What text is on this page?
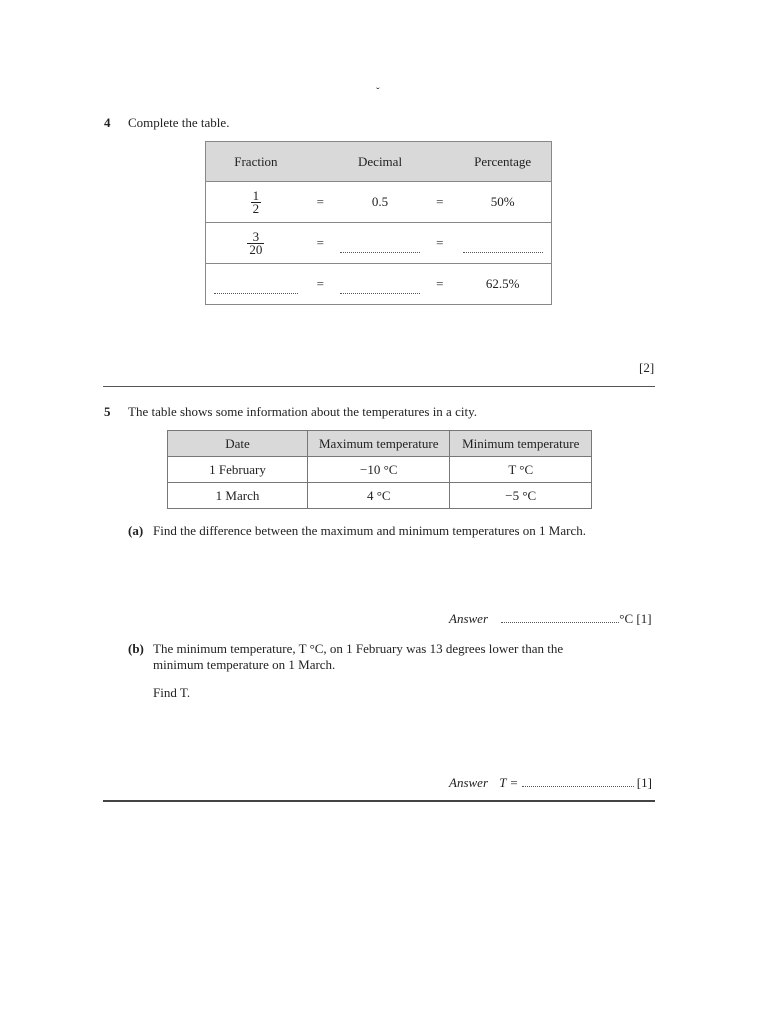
ˇ
4 Complete the table.
Fraction		Decimal		Percentage

$\frac{1}{2}$	=	0.5	=	50%

$\frac{3}{20}$	=		=	
	=		=	62.5%
[2]
5 The table shows some information about the temperatures in a city.
Date	Maximum temperature	Minimum temperature
1 February	−10 °C	T °C
1 March	4 °C	−5 °C
(a) Find the difference between the maximum and minimum temperatures on 1 March.
Answer	°C [1]
(b) The minimum temperature, T °C, on 1 February was 13 degrees lower than the
minimum temperature on 1 March.
Find T.
Answer T =	[1]
